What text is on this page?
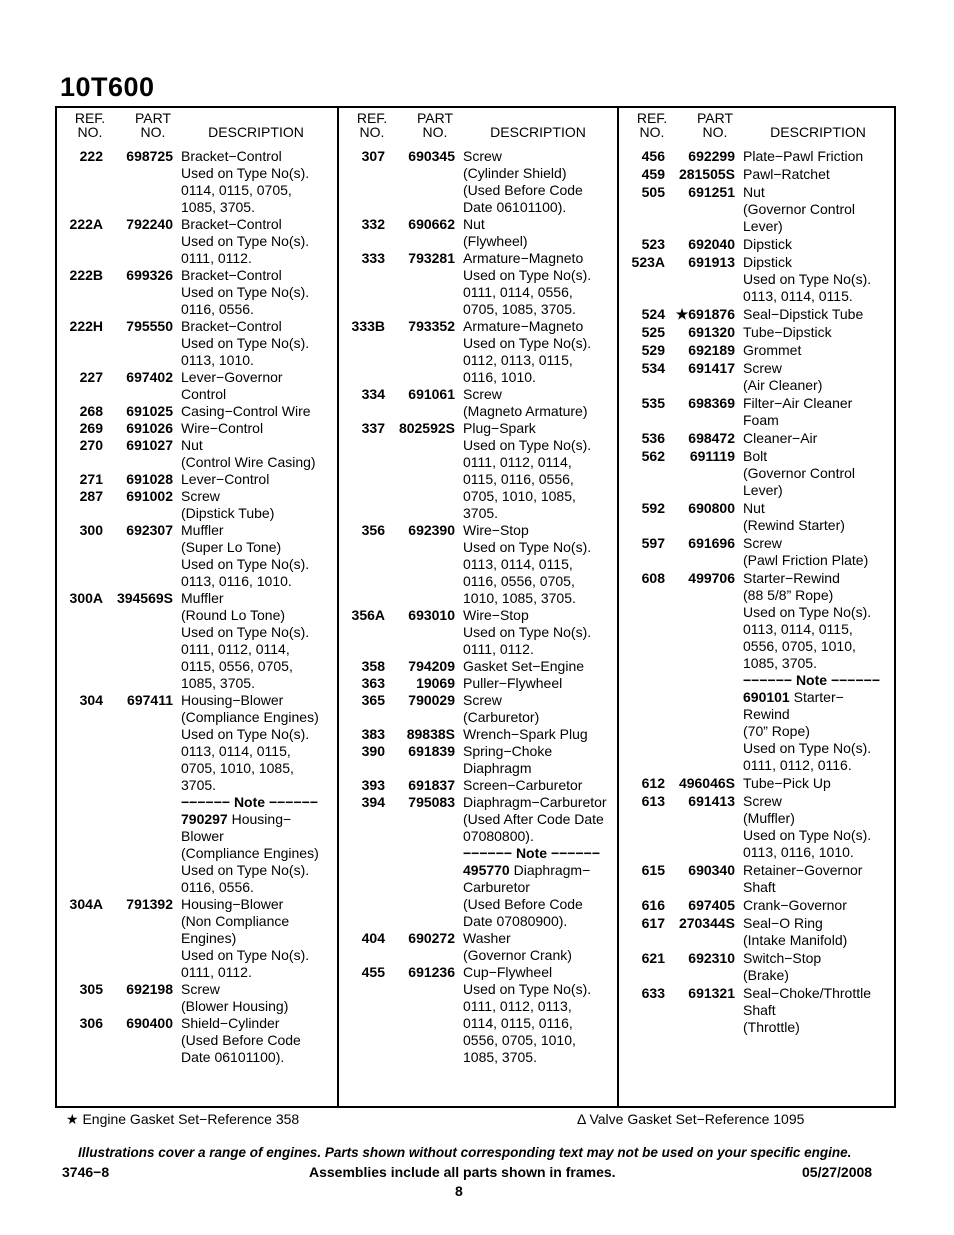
10T600
REF.
NO.
PART
NO.	DESCRIPTION
222	698725 Bracket−Control
Used on Type No(s).
0114, 0115, 0705,
1085, 3705.
222A	792240 Bracket−Control
Used on Type No(s).
0111, 0112.
222B	699326 Bracket−Control
Used on Type No(s).
0116, 0556.
222H	795550 Bracket−Control
Used on Type No(s).
0113, 1010.
227	697402 Lever−Governor
Control
268	691025 Casing−Control Wire
269	691026 Wire−Control
270	691027 Nut
(Control Wire Casing)
271	691028 Lever−Control
287	691002 Screw
(Dipstick Tube)
300	692307 Muffler
(Super Lo Tone)
Used on Type No(s).
0113, 0116, 1010.
300A 394569S Muffler
(Round Lo Tone)
Used on Type No(s).
0111, 0112, 0114,
0115, 0556, 0705,
1085, 3705.
304	697411 Housing−Blower
(Compliance Engines)
Used on Type No(s).
0113, 0114, 0115,
0705, 1010, 1085,
3705.
−−−−−− Note −−−−−−
790297 Housing−
Blower
(Compliance Engines)
Used on Type No(s).
0116, 0556.
304A	791392 Housing−Blower
(Non Compliance
Engines)
Used on Type No(s).
0111, 0112.
305	692198 Screw
(Blower Housing)
306	690400 Shield−Cylinder
(Used Before Code
Date 06101100).
REF.
NO.
PART
NO.	DESCRIPTION
307	690345 Screw
(Cylinder Shield)
(Used Before Code
Date 06101100).
332	690662 Nut
(Flywheel)
333	793281 Armature−Magneto
Used on Type No(s).
0111, 0114, 0556,
0705, 1085, 3705.
333B	793352 Armature−Magneto
Used on Type No(s).
0112, 0113, 0115,
0116, 1010.
334	691061 Screw
(Magneto Armature)
337 802592S Plug−Spark
Used on Type No(s).
0111, 0112, 0114,
0115, 0116, 0556,
0705, 1010, 1085,
3705.
356	692390 Wire−Stop
Used on Type No(s).
0113, 0114, 0115,
0116, 0556, 0705,
1010, 1085, 3705.
356A	693010 Wire−Stop
Used on Type No(s).
0111, 0112.
358	794209 Gasket Set−Engine
363	19069 Puller−Flywheel
365	790029 Screw
(Carburetor)
383	89838S Wrench−Spark Plug
390	691839 Spring−Choke
Diaphragm
393	691837 Screen−Carburetor
394	795083 Diaphragm−Carburetor
(Used After Code Date
07080800).
−−−−−− Note −−−−−−
495770 Diaphragm−
Carburetor
(Used Before Code
Date 07080900).
404	690272 Washer
(Governor Crank)
455	691236 Cup−Flywheel
Used on Type No(s).
0111, 0112, 0113,
0114, 0115, 0116,
0556, 0705, 1010,
1085, 3705.
REF.
NO.
PART
NO.	DESCRIPTION
456	692299 Plate−Pawl Friction
459 281505S Pawl−Ratchet
505	691251 Nut
(Governor Control
Lever)
523	692040 Dipstick
523A	691913 Dipstick
Used on Type No(s).
0113, 0114, 0115.
524 ★691876 Seal−Dipstick Tube
525	691320 Tube−Dipstick
529	692189 Grommet
534	691417 Screw
(Air Cleaner)
535	698369 Filter−Air Cleaner
Foam
536	698472 Cleaner−Air
562	691119 Bolt
(Governor Control
Lever)
592	690800 Nut
(Rewind Starter)
597	691696 Screw
(Pawl Friction Plate)
608	499706 Starter−Rewind
(88 5/8” Rope)
Used on Type No(s).
0113, 0114, 0115,
0556, 0705, 1010,
1085, 3705.
−−−−−− Note −−−−−−
690101 Starter−
Rewind
(70” Rope)
Used on Type No(s).
0111, 0112, 0116.
612 496046S Tube−Pick Up
613	691413 Screw
(Muffler)
Used on Type No(s).
0113, 0116, 1010.
615	690340 Retainer−Governor
Shaft
616	697405 Crank−Governor
617 270344S Seal−O Ring
(Intake Manifold)
621	692310 Switch−Stop
(Brake)
633	691321 Seal−Choke/Throttle
Shaft
(Throttle)
★ Engine Gasket Set−Reference 358	Δ Valve Gasket Set−Reference 1095
Illustrations cover a range of engines. Parts shown without corresponding text may not be used on your specific engine.
3746−8	Assemblies include all parts shown in frames.	05/27/2008
8
